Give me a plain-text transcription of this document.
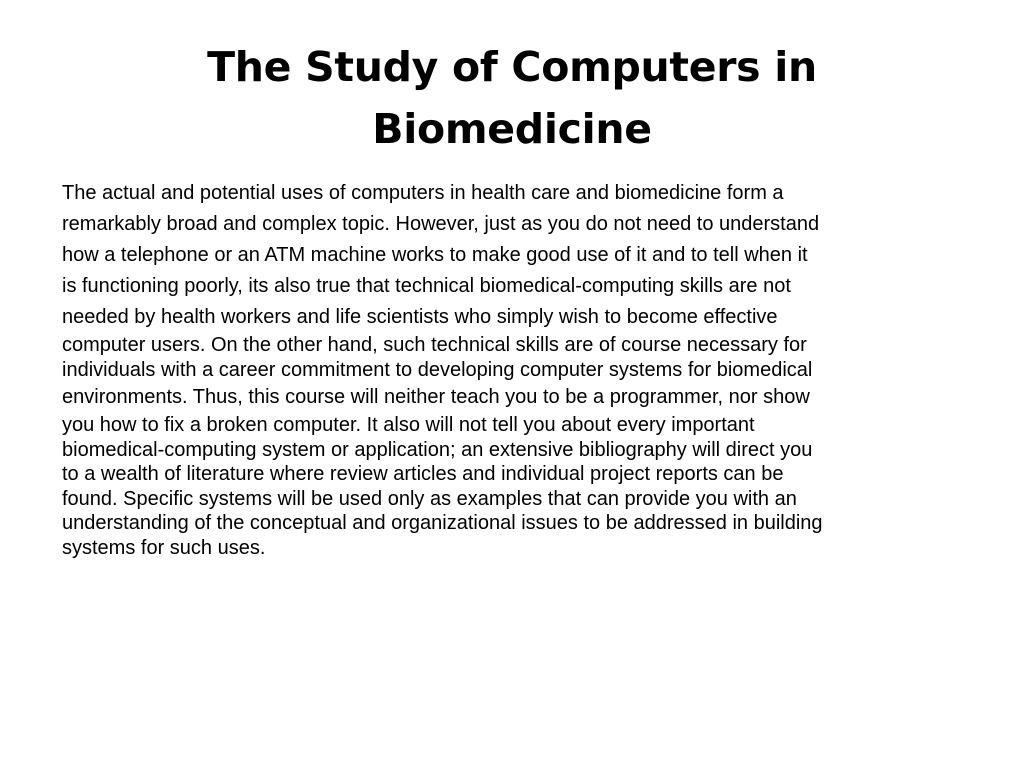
The Study of Computers in
Biomedicine
The actual and potential uses of computers in health care and biomedicine form a
remarkably broad and complex topic. However, just as you do not need to understand
how a telephone or an ATM machine works to make good use of it and to tell when it
is functioning poorly, its also true that technical biomedical-computing skills are not
needed by health workers and life scientists who simply wish to become effective
computer users. On the other hand, such technical skills are of course necessary for
individuals with a career commitment to developing computer systems for biomedical
environments. Thus, this course will neither teach you to be a programmer, nor show
you how to fix a broken computer. It also will not tell you about every important
biomedical-computing system or application; an extensive bibliography will direct you
to a wealth of literature where review articles and individual project reports can be
found. Specific systems will be used only as examples that can provide you with an
understanding of the conceptual and organizational issues to be addressed in building
systems for such uses.
